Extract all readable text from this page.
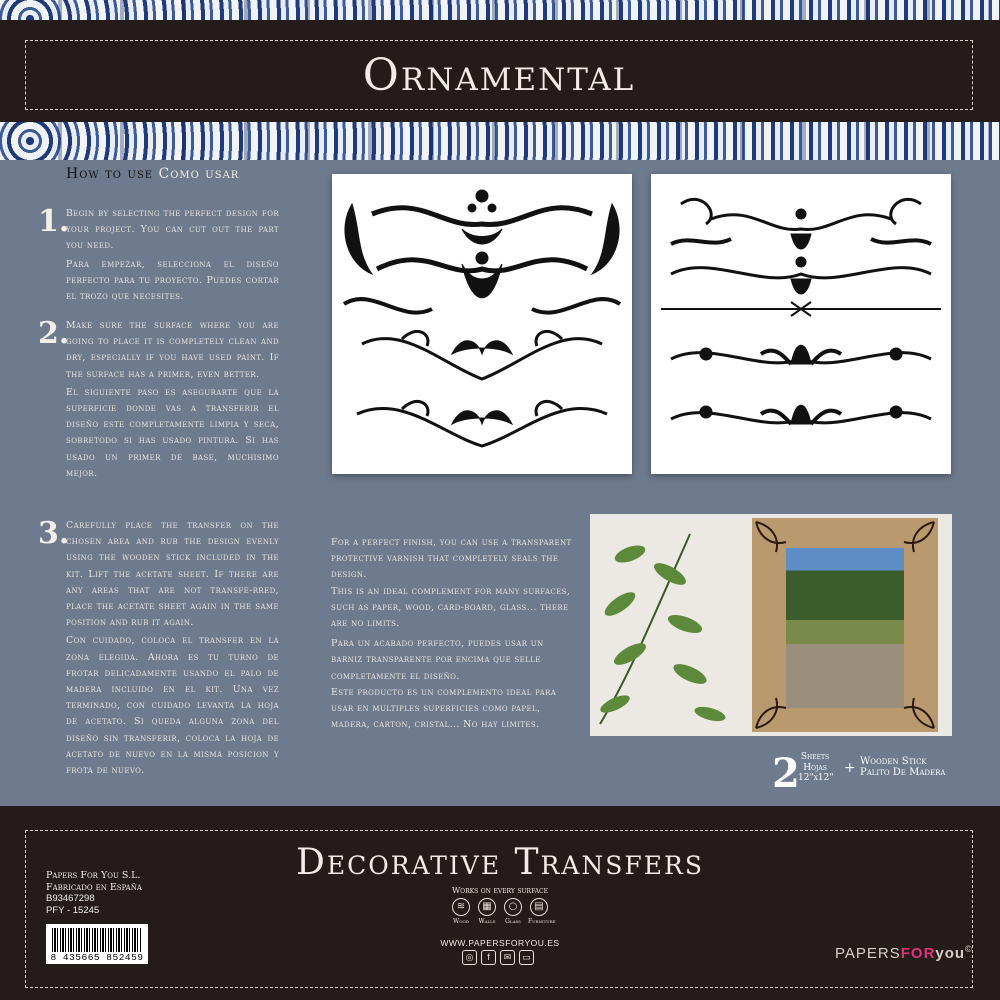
Ornamental
How to use Como usar
1.

Begin by selecting the perfect design for your project. You can cut out the part you need.
Para empezar, selecciona el diseño perfecto para tu proyecto. Puedes cortar el trozo que necesites.

2.

Make sure the surface where you are going to place it is completely clean and dry, especially if you have used paint. If the surface has a primer, even better.
El siguiente paso es asegurarte que la superficie donde vas a transferir el diseño este completamente limpia y seca, sobretodo si has usado pintura. Si has usado un primer de base, muchisimo mejor.

3.

Carefully place the transfer on the chosen area and rub the design evenly using the wooden stick included in the kit. Lift the acetate sheet. If there are any areas that are not transfe-rred, place the acetate sheet again in the same position and rub it again.
Con cuidado, coloca el transfer en la zona elegida. Ahora es tu turno de frotar delicadamente usando el palo de madera incluido en el kit. Una vez terminado, con cuidado levanta la hoja de acetato. Si queda alguna zona del diseño sin transferir, coloca la hoja de acetato de nuevo en la misma posicion y frota de nuevo.

For a perfect finish, you can use a transparent protective varnish that completely seals the design.
This is an ideal complement for many surfaces, such as paper, wood, card-board, glass... there are no limits.
Para un acabado perfecto, puedes usar un barniz transparente por encima que selle completamente el diseño.
Este producto es un complemento ideal para usar en multiples superficies como papel, madera, carton, cristal... No hay limites.

2 Sheets
Hojas
12"x12"
+ Wooden Stick
Palito De Madera
Decorative Transfers
Papers For You S.L.
Fabricado en España
B93467298
PFY - 15245
8 435665 852459
Works on every surface
≋
Wood
▦
Walls
○
Glass
▤
Furniture
WWW.PAPERSFORYOU.ES
◎	f	✉	▭	PAPERSFORyou©
